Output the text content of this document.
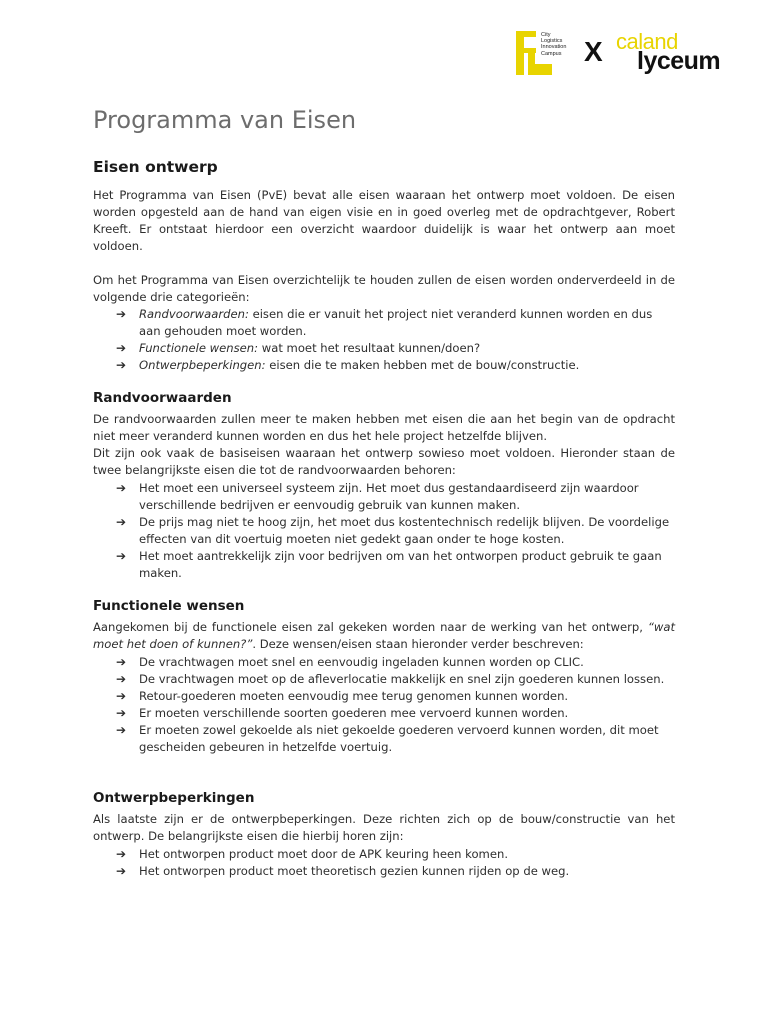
City
Logistics
Innovation
Campus X caland
lyceum
Programma van Eisen
Eisen ontwerp

Het Programma van Eisen (PvE) bevat alle eisen waaraan het ontwerp moet voldoen. De eisen worden opgesteld aan de hand van eigen visie en in goed overleg met de opdrachtgever, Robert Kreeft. Er ontstaat hierdoor een overzicht waardoor duidelijk is waar het ontwerp aan moet voldoen.

Om het Programma van Eisen overzichtelijk te houden zullen de eisen worden onderverdeeld in de volgende drie categorieën:

➔ Randvoorwaarden: eisen die er vanuit het project niet veranderd kunnen worden en dus aan gehouden moet worden.
➔ Functionele wensen: wat moet het resultaat kunnen/doen?
➔ Ontwerpbeperkingen: eisen die te maken hebben met de bouw/constructie.
Randvoorwaarden

De randvoorwaarden zullen meer te maken hebben met eisen die aan het begin van de opdracht niet meer veranderd kunnen worden en dus het hele project hetzelfde blijven.

Dit zijn ook vaak de basiseisen waaraan het ontwerp sowieso moet voldoen. Hieronder staan de twee belangrijkste eisen die tot de randvoorwaarden behoren:

➔ Het moet een universeel systeem zijn. Het moet dus gestandaardiseerd zijn waardoor verschillende bedrijven er eenvoudig gebruik van kunnen maken.
➔ De prijs mag niet te hoog zijn, het moet dus kostentechnisch redelijk blijven. De voordelige effecten van dit voertuig moeten niet gedekt gaan onder te hoge kosten.
➔ Het moet aantrekkelijk zijn voor bedrijven om van het ontworpen product gebruik te gaan maken.
Functionele wensen

Aangekomen bij de functionele eisen zal gekeken worden naar de werking van het ontwerp, “wat moet het doen of kunnen?”. Deze wensen/eisen staan hieronder verder beschreven:

➔ De vrachtwagen moet snel en eenvoudig ingeladen kunnen worden op CLIC.
➔ De vrachtwagen moet op de afleverlocatie makkelijk en snel zijn goederen kunnen lossen.
➔ Retour-goederen moeten eenvoudig mee terug genomen kunnen worden.
➔ Er moeten verschillende soorten goederen mee vervoerd kunnen worden.
➔ Er moeten zowel gekoelde als niet gekoelde goederen vervoerd kunnen worden, dit moet gescheiden gebeuren in hetzelfde voertuig.
Ontwerpbeperkingen

Als laatste zijn er de ontwerpbeperkingen. Deze richten zich op de bouw/constructie van het ontwerp. De belangrijkste eisen die hierbij horen zijn:

➔ Het ontworpen product moet door de APK keuring heen komen.
➔ Het ontworpen product moet theoretisch gezien kunnen rijden op de weg.
